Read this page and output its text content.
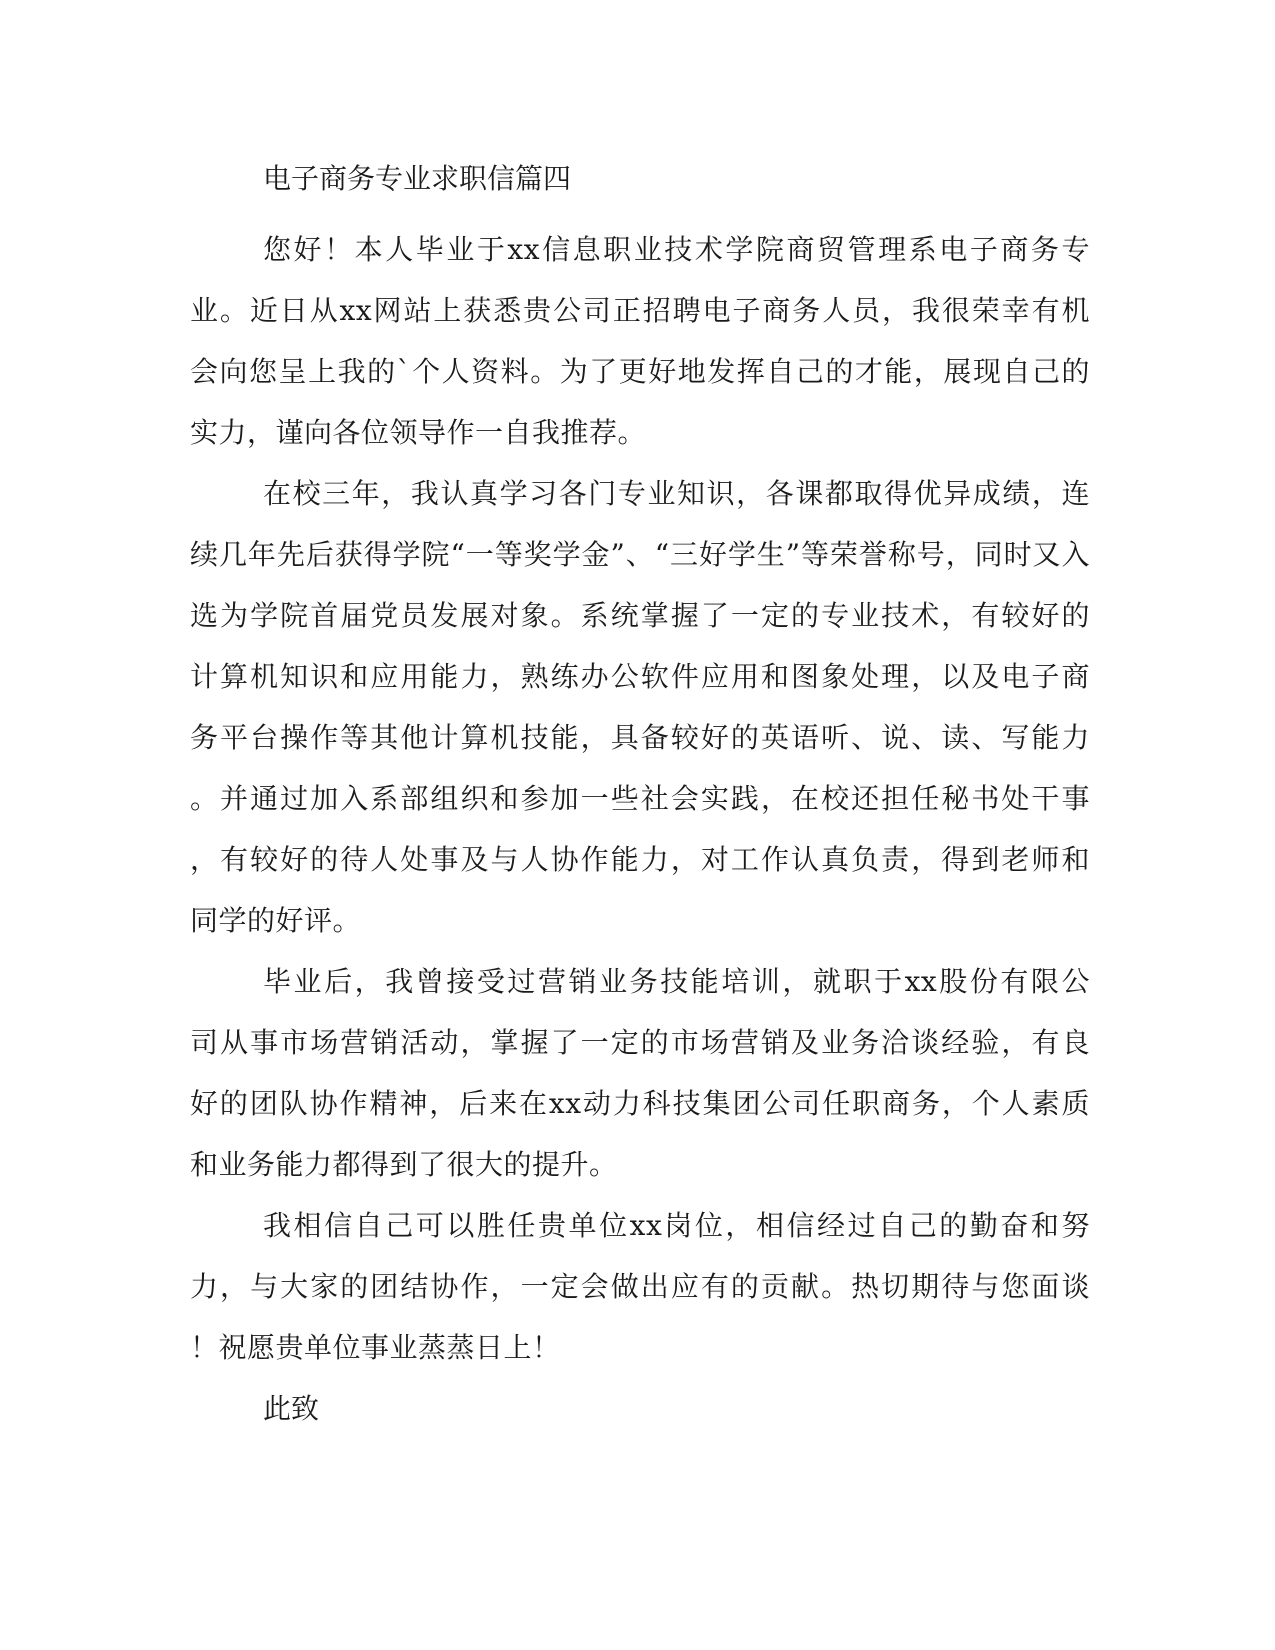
电子商务专业求职信篇四

您好！本人毕业于xx信息职业技术学院商贸管理系电子商务专
业。近日从xx网站上获悉贵公司正招聘电子商务人员，我很荣幸有机
会向您呈上我的`个人资料。为了更好地发挥自己的才能，展现自己的
实力，谨向各位领导作一自我推荐。

在校三年，我认真学习各门专业知识，各课都取得优异成绩，连
续几年先后获得学院“一等奖学金”、“三好学生”等荣誉称号，同时又入
选为学院首届党员发展对象。系统掌握了一定的专业技术，有较好的
计算机知识和应用能力，熟练办公软件应用和图象处理，以及电子商
务平台操作等其他计算机技能，具备较好的英语听、说、读、写能力
。并通过加入系部组织和参加一些社会实践，在校还担任秘书处干事
，有较好的待人处事及与人协作能力，对工作认真负责，得到老师和
同学的好评。

毕业后，我曾接受过营销业务技能培训，就职于xx股份有限公
司从事市场营销活动，掌握了一定的市场营销及业务洽谈经验，有良
好的团队协作精神，后来在xx动力科技集团公司任职商务，个人素质
和业务能力都得到了很大的提升。

我相信自己可以胜任贵单位xx岗位，相信经过自己的勤奋和努
力，与大家的团结协作，一定会做出应有的贡献。热切期待与您面谈
！祝愿贵单位事业蒸蒸日上！

此致
